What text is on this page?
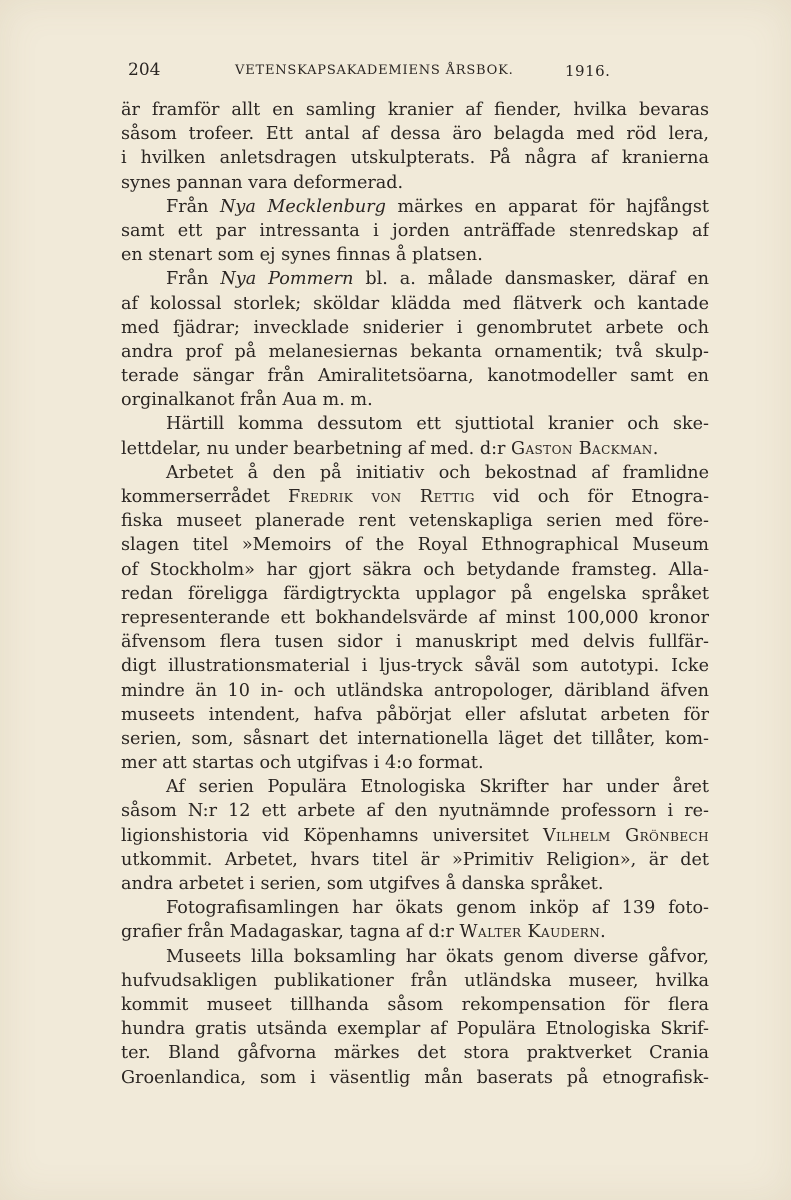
204	VETENSKAPSAKADEMIENS ÅRSBOK.	1916.
är framför allt en samling kranier af fiender, hvilka bevaras
såsom trofeer. Ett antal af dessa äro belagda med röd lera,
i hvilken anletsdragen utskulpterats. På några af kranierna
synes pannan vara deformerad.
Från Nya Mecklenburg märkes en apparat för hajfångst
samt ett par intressanta i jorden anträffade stenredskap af
en stenart som ej synes finnas å platsen.
Från Nya Pommern bl. a. målade dansmasker, däraf en
af kolossal storlek; sköldar klädda med flätverk och kantade
med fjädrar; invecklade sniderier i genombrutet arbete och
andra prof på melanesiernas bekanta ornamentik; två skulp-
terade sängar från Amiralitetsöarna, kanotmodeller samt en
orginalkanot från Aua m. m.
Härtill komma dessutom ett sjuttiotal kranier och ske-
lettdelar, nu under bearbetning af med. d:r Gaston Backman.
Arbetet å den på initiativ och bekostnad af framlidne
kommerserrådet Fredrik von Rettig vid och för Etnogra-
fiska museet planerade rent vetenskapliga serien med före-
slagen titel »Memoirs of the Royal Ethnographical Museum
of Stockholm» har gjort säkra och betydande framsteg. Alla-
redan föreligga färdigtryckta upplagor på engelska språket
representerande ett bokhandelsvärde af minst 100,000 kronor
äfvensom flera tusen sidor i manuskript med delvis fullfär-
digt illustrationsmaterial i ljus-tryck såväl som autotypi. Icke
mindre än 10 in- och utländska antropologer, däribland äfven
museets intendent, hafva påbörjat eller afslutat arbeten för
serien, som, såsnart det internationella läget det tillåter, kom-
mer att startas och utgifvas i 4:o format.
Af serien Populära Etnologiska Skrifter har under året
såsom N:r 12 ett arbete af den nyutnämnde professorn i re-
ligionshistoria vid Köpenhamns universitet Vilhelm Grönbech
utkommit. Arbetet, hvars titel är »Primitiv Religion», är det
andra arbetet i serien, som utgifves å danska språket.
Fotografisamlingen har ökats genom inköp af 139 foto-
grafier från Madagaskar, tagna af d:r Walter Kaudern.
Museets lilla boksamling har ökats genom diverse gåfvor,
hufvudsakligen publikationer från utländska museer, hvilka
kommit museet tillhanda såsom rekompensation för flera
hundra gratis utsända exemplar af Populära Etnologiska Skrif-
ter. Bland gåfvorna märkes det stora praktverket Crania
Groenlandica, som i väsentlig mån baserats på etnografisk-
